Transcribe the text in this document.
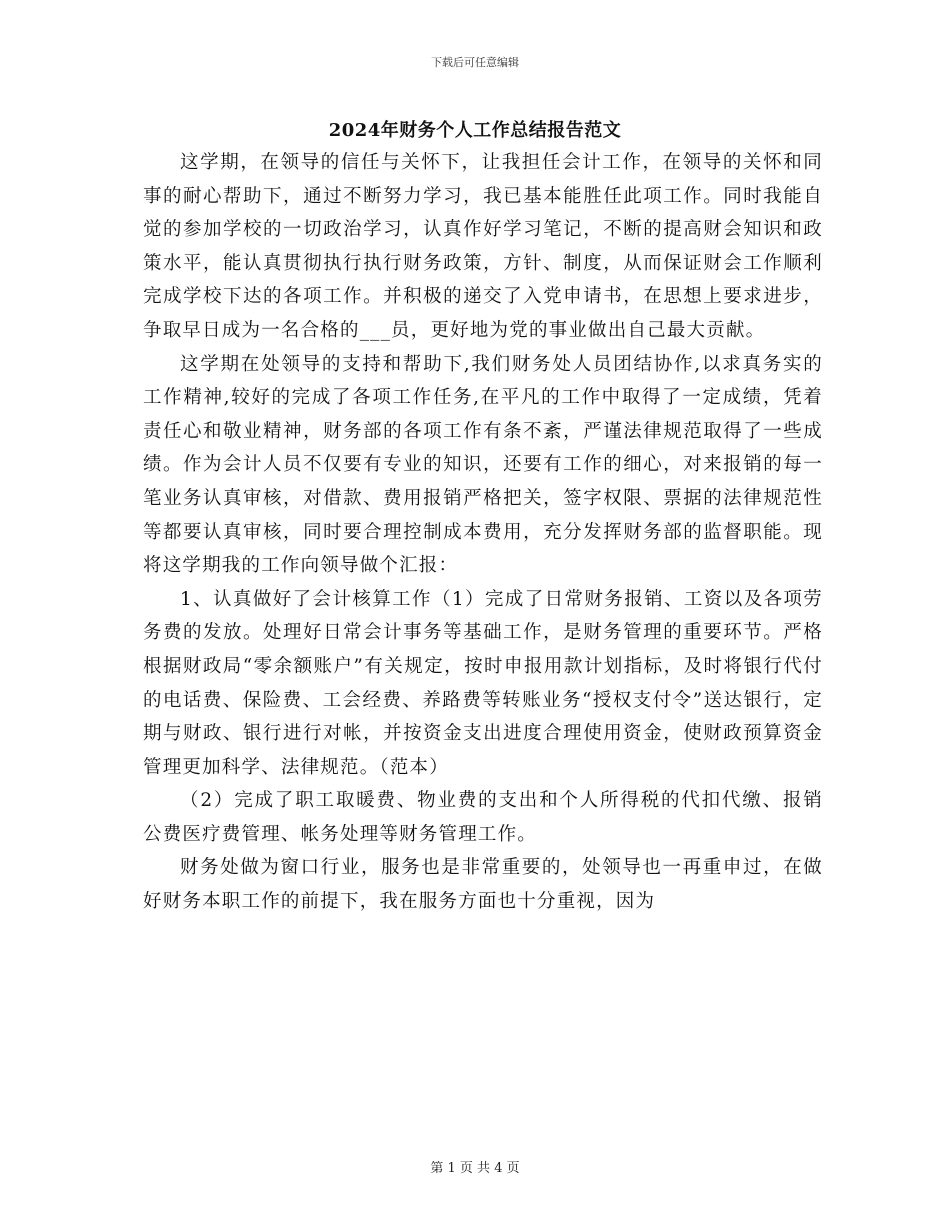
下载后可任意编辑
2024年财务个人工作总结报告范文

这学期，在领导的信任与关怀下，让我担任会计工作，在领导的关怀和同事的耐心帮助下，通过不断努力学习，我已基本能胜任此项工作。同时我能自觉的参加学校的一切政治学习，认真作好学习笔记，不断的提高财会知识和政策水平，能认真贯彻执行执行财务政策，方针、制度，从而保证财会工作顺利完成学校下达的各项工作。并积极的递交了入党申请书，在思想上要求进步，争取早日成为一名合格的___员，更好地为党的事业做出自己最大贡献。

这学期在处领导的支持和帮助下,我们财务处人员团结协作,以求真务实的工作精神,较好的完成了各项工作任务,在平凡的工作中取得了一定成绩，凭着责任心和敬业精神，财务部的各项工作有条不紊，严谨法律规范取得了一些成绩。作为会计人员不仅要有专业的知识，还要有工作的细心，对来报销的每一笔业务认真审核，对借款、费用报销严格把关，签字权限、票据的法律规范性等都要认真审核，同时要合理控制成本费用，充分发挥财务部的监督职能。现将这学期我的工作向领导做个汇报：

1、认真做好了会计核算工作（1）完成了日常财务报销、工资以及各项劳务费的发放。处理好日常会计事务等基础工作，是财务管理的重要环节。严格根据财政局“零余额账户”有关规定，按时申报用款计划指标，及时将银行代付的电话费、保险费、工会经费、养路费等转账业务“授权支付令”送达银行，定期与财政、银行进行对帐，并按资金支出进度合理使用资金，使财政预算资金管理更加科学、法律规范。（范本）

（2）完成了职工取暖费、物业费的支出和个人所得税的代扣代缴、报销公费医疗费管理、帐务处理等财务管理工作。

财务处做为窗口行业，服务也是非常重要的，处领导也一再重申过，在做好财务本职工作的前提下，我在服务方面也十分重视，因为

第 1 页 共 4 页
